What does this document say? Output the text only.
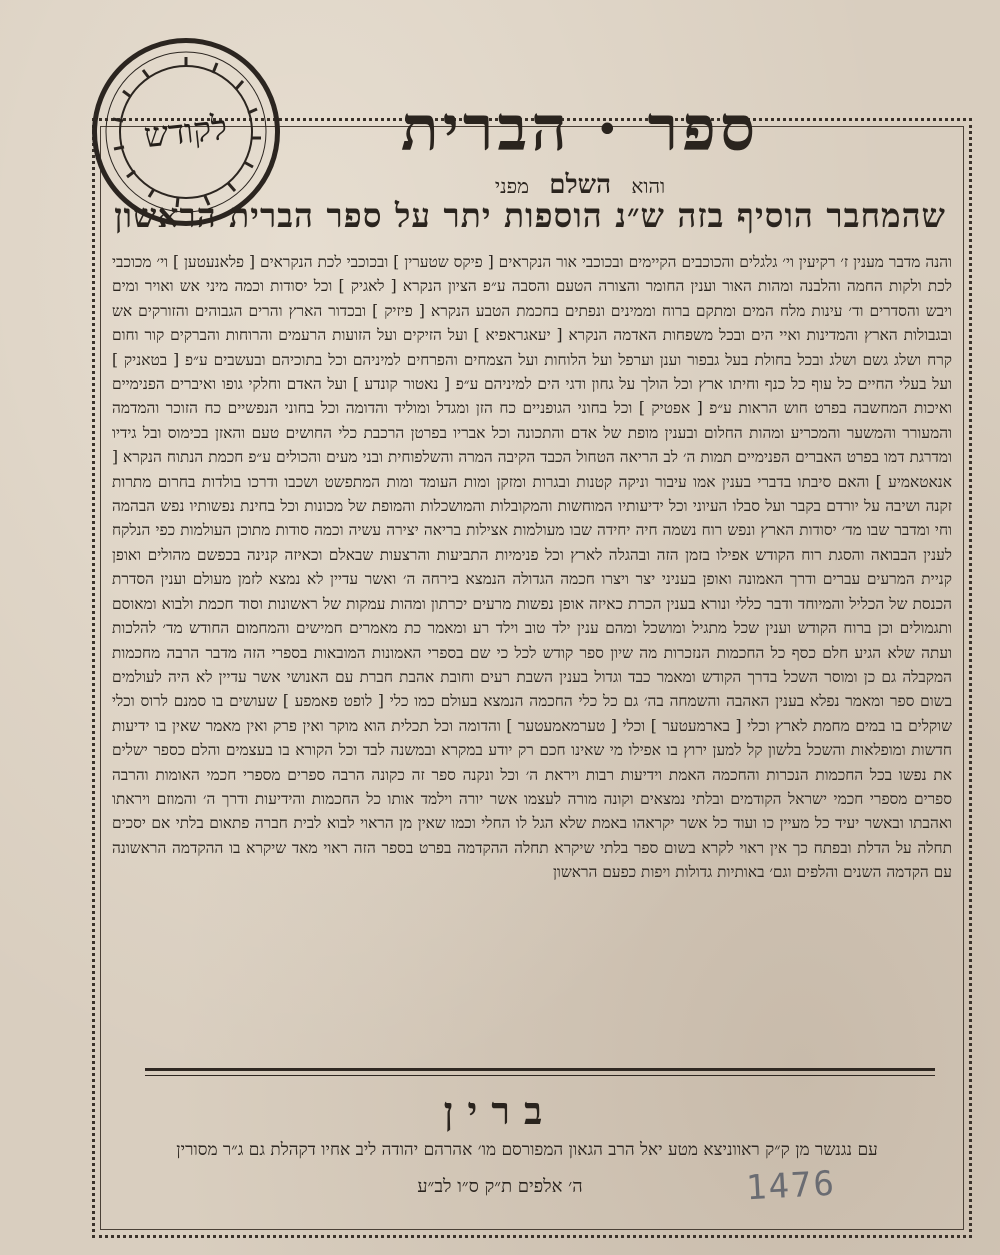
לקודש	ספר · הברית
והוא השלם מפני
שהמחבר הוסיף בזה ש״נ הוספות יתר על ספר הברית הראשון
והנה מדבר מענין ז׳ רקיעין וי׳ גלגלים והכוכבים הקיימים ובכוכבי אור הנקראים [ פיקס שטערין ] ובכוכבי לכת הנקראים [ פלאנעטען ] וי׳ מכוכבי לכת ולקות החמה והלבנה ומהות האור וענין החומר והצורה הטעם והסבה ע״פ הציון הנקרא [ לאגיק ] וכל יסודות וכמה מיני אש ואויר ומים ויבש והסדרים וד׳ עינות מלח המים ומתקם ברוח וממינים ונפתים בחכמת הטבע הנקרא [ פיזיק ] ובכדור הארץ והרים הגבוהים והזורקים אש ובגבולות הארץ והמדינות ואיי הים ובכל משפחות האדמה הנקרא [ יעאגראפיא ] ועל הזיקים ועל הזועות הרעמים והרוחות והברקים קור וחום קרח ושלג גשם ושלג ובכל בחולת בעל גבפור וענן וערפל ועל הלוחות ועל הצמחים והפרחים למיניהם וכל בתוכיהם ובעשבים ע״פ [ בטאניק ] ועל בעלי החיים כל עוף כל כנף וחיתו ארץ וכל הולך על גחון ודגי הים למיניהם ע״פ [ נאטור קונדע ] ועל האדם וחלקי גופו ואיברים הפנימיים ואיכות המחשבה בפרט חוש הראות ע״פ [ אפטיק ] וכל בחוני הגופניים כח הזן ומגדל ומוליד והדומה וכל בחוני הנפשיים כח הזוכר והמדמה והמעורר והמשער והמכריע ומהות החלום ובענין מופת של אדם והתכונה וכל אבריו בפרטן הרכבת כלי החושים טעם והאזן בכימוס ובל גידיו ומדרגת דמו בפרט האברים הפנימיים תמות ה׳ לב הריאה הטחול הכבד הקיבה המרה והשלפוחית ובני מעים והכולים ע״פ חכמת הנתוח הנקרא [ אנאטאמיע ] והאם סיבתו בדברי בענין אמו עיבור וניקה קטנות ובגרות ומזקן ומות העומד ומות המתפשט ושכבו ודרכו בולדות בחרום מתרות זקנה ושיבה על יורדם בקבר ועל סבלו העיוני וכל ידיעותיו המוחשות והמקובלות והמושכלות והמופת של מכונות וכל בחינת נפשותיו נפש הבהמה וחי ומדבר שבו מד׳ יסודות הארץ ונפש רוח נשמה חיה יחידה שבו מעולמות אצילות בריאה יצירה עשיה וכמה סודות מתוכן העולמות כפי הנלקח לענין הבבואה והסגת רוח הקודש אפילו בזמן הזה ובהגלה לארץ וכל פנימיות התביעות והרצעות שבאלם וכאיזה קנינה בכפשם מהולים ואופן קניית המרעים עברים ודרך האמונה ואופן בעניני יצר ויצרו חכמה הגדולה הנמצא בירחה ה׳ ואשר עדיין לא נמצא לזמן מעולם וענין הסדרת הכנסת של הכליל והמיוחד ודבר כללי ונורא בענין הכרת כאיזה אופן נפשות מרעים יכרתון ומהות עמקות של ראשונות וסוד חכמת ולבוא ומאוסם ותגמולים וכן ברוח הקודש וענין שכל מתגיל ומושכל ומהם ענין ילד טוב וילד רע ומאמר כת מאמרים חמישים והמחמום החודש מד׳ להלכות ועתה שלא הגיע חלם כסף כל החכמות הנזכרות מה שיון ספר קודש לכל כי שם בספרי האמונות המובאות בספרי הזה מדבר הרבה מחכמות המקבלה גם כן ומוסר השכל בדרך הקודש ומאמר כבד וגדול בענין השבת רעים וחובת אהבת חברת עם האנושי אשר עדיין לא היה לעולמים בשום ספר ומאמר נפלא בענין האהבה והשמחה בה׳ גם כל כלי החכמה הנמצא בעולם כמו כלי [ לופט פאמפע ] שעושים בו סמנם לרוס וכלי שוקלים בו במים מחמת לארץ וכלי [ בארמעטער ] וכלי [ טערמאמעטער ] והדומה וכל תכלית הוא מוקר ואין פרק ואין מאמר שאין בו ידיעות חדשות ומופלאות והשכל בלשון קל למען ירוץ בו אפילו מי שאינו חכם רק יודע במקרא ובמשנה לבד וכל הקורא בו בעצמים והלם כספר ישלים את נפשו בכל החכמות הנכרות והחכמה האמת וידיעות רבות ויראת ה׳ וכל ונקנה ספר זה כקונה הרבה ספרים מספרי חכמי האומות והרבה ספרים מספרי חכמי ישראל הקודמים ובלתי נמצאים וקונה מורה לעצמו אשר יורה וילמד אותו כל החכמות והידיעות ודרך ה׳ והמוזם ויראתו ואהבתו ובאשר יעיד כל מעיין כו ועוד כל אשר יקראהו באמת שלא הגל לו החלי וכמו שאין מן הראוי לבוא לבית חברה פתאום בלתי אם יסכים תחלה על הדלת ובפתח כך אין ראוי לקרא בשום ספר בלתי שיקרא תחלה ההקדמה בפרט בספר הזה ראוי מאד שיקרא בו ההקדמה הראשונה עם הקדמה השנים והלפים וגם׳ באותיות גדולות ויפות כפעם הראשון
ברין
עם נגנשר מן ק״ק ראווניצא מטע יאל הרב הגאון המפורסם מו׳ אהרהם יהודה ליב אחיו דקהלת גם ג״ר מסורין
ה׳ אלפים ת״ק ס״ו לב״ע	1476
